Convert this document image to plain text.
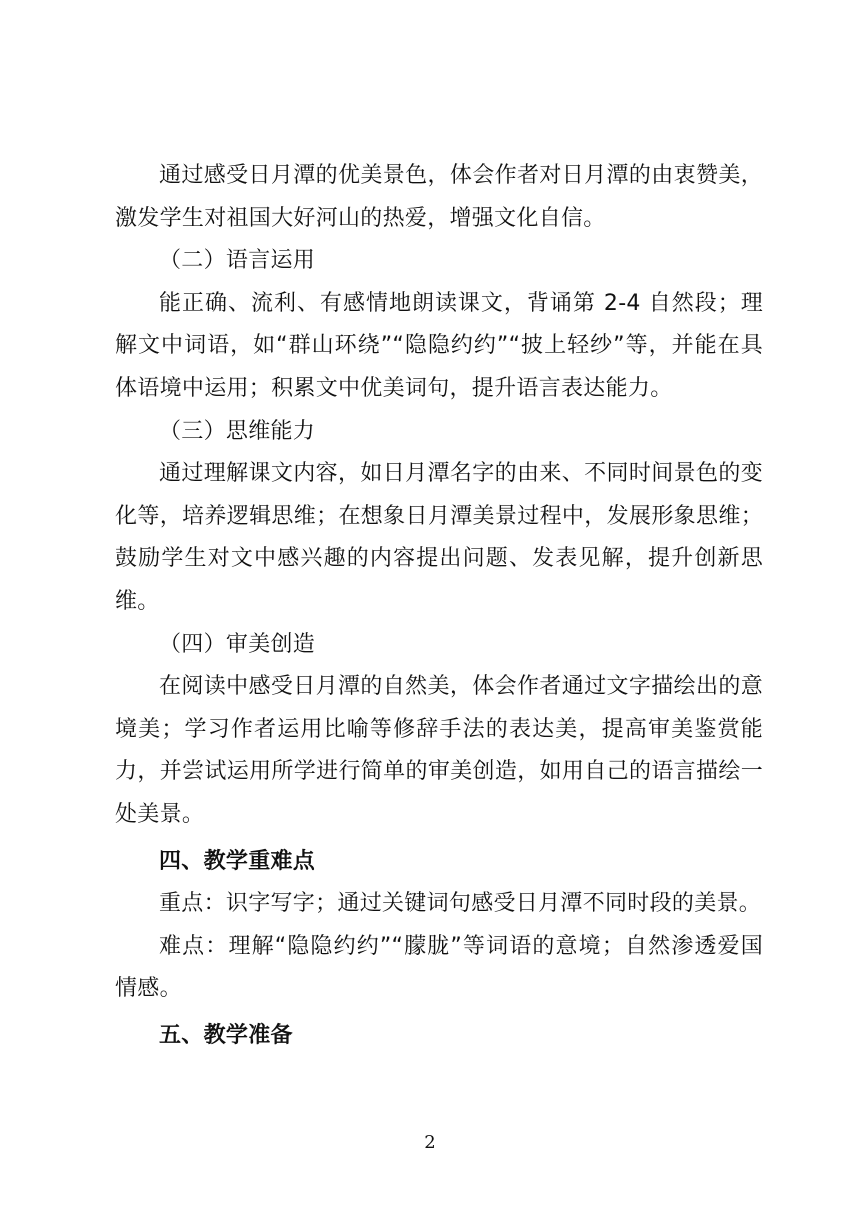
通过感受日月潭的优美景色，体会作者对日月潭的由衷赞美，激发学生对祖国大好河山的热爱，增强文化自信。

（二）语言运用

能正确、流利、有感情地朗读课文，背诵第 2-4 自然段；理解文中词语，如“群山环绕”“隐隐约约”“披上轻纱”等，并能在具体语境中运用；积累文中优美词句，提升语言表达能力。

（三）思维能力

通过理解课文内容，如日月潭名字的由来、不同时间景色的变化等，培养逻辑思维；在想象日月潭美景过程中，发展形象思维；鼓励学生对文中感兴趣的内容提出问题、发表见解，提升创新思维。

（四）审美创造

在阅读中感受日月潭的自然美，体会作者通过文字描绘出的意境美；学习作者运用比喻等修辞手法的表达美，提高审美鉴赏能力，并尝试运用所学进行简单的审美创造，如用自己的语言描绘一处美景。

四、教学重难点

重点：识字写字；通过关键词句感受日月潭不同时段的美景。

难点：理解“隐隐约约”“朦胧”等词语的意境；自然渗透爱国情感。

五、教学准备

2
